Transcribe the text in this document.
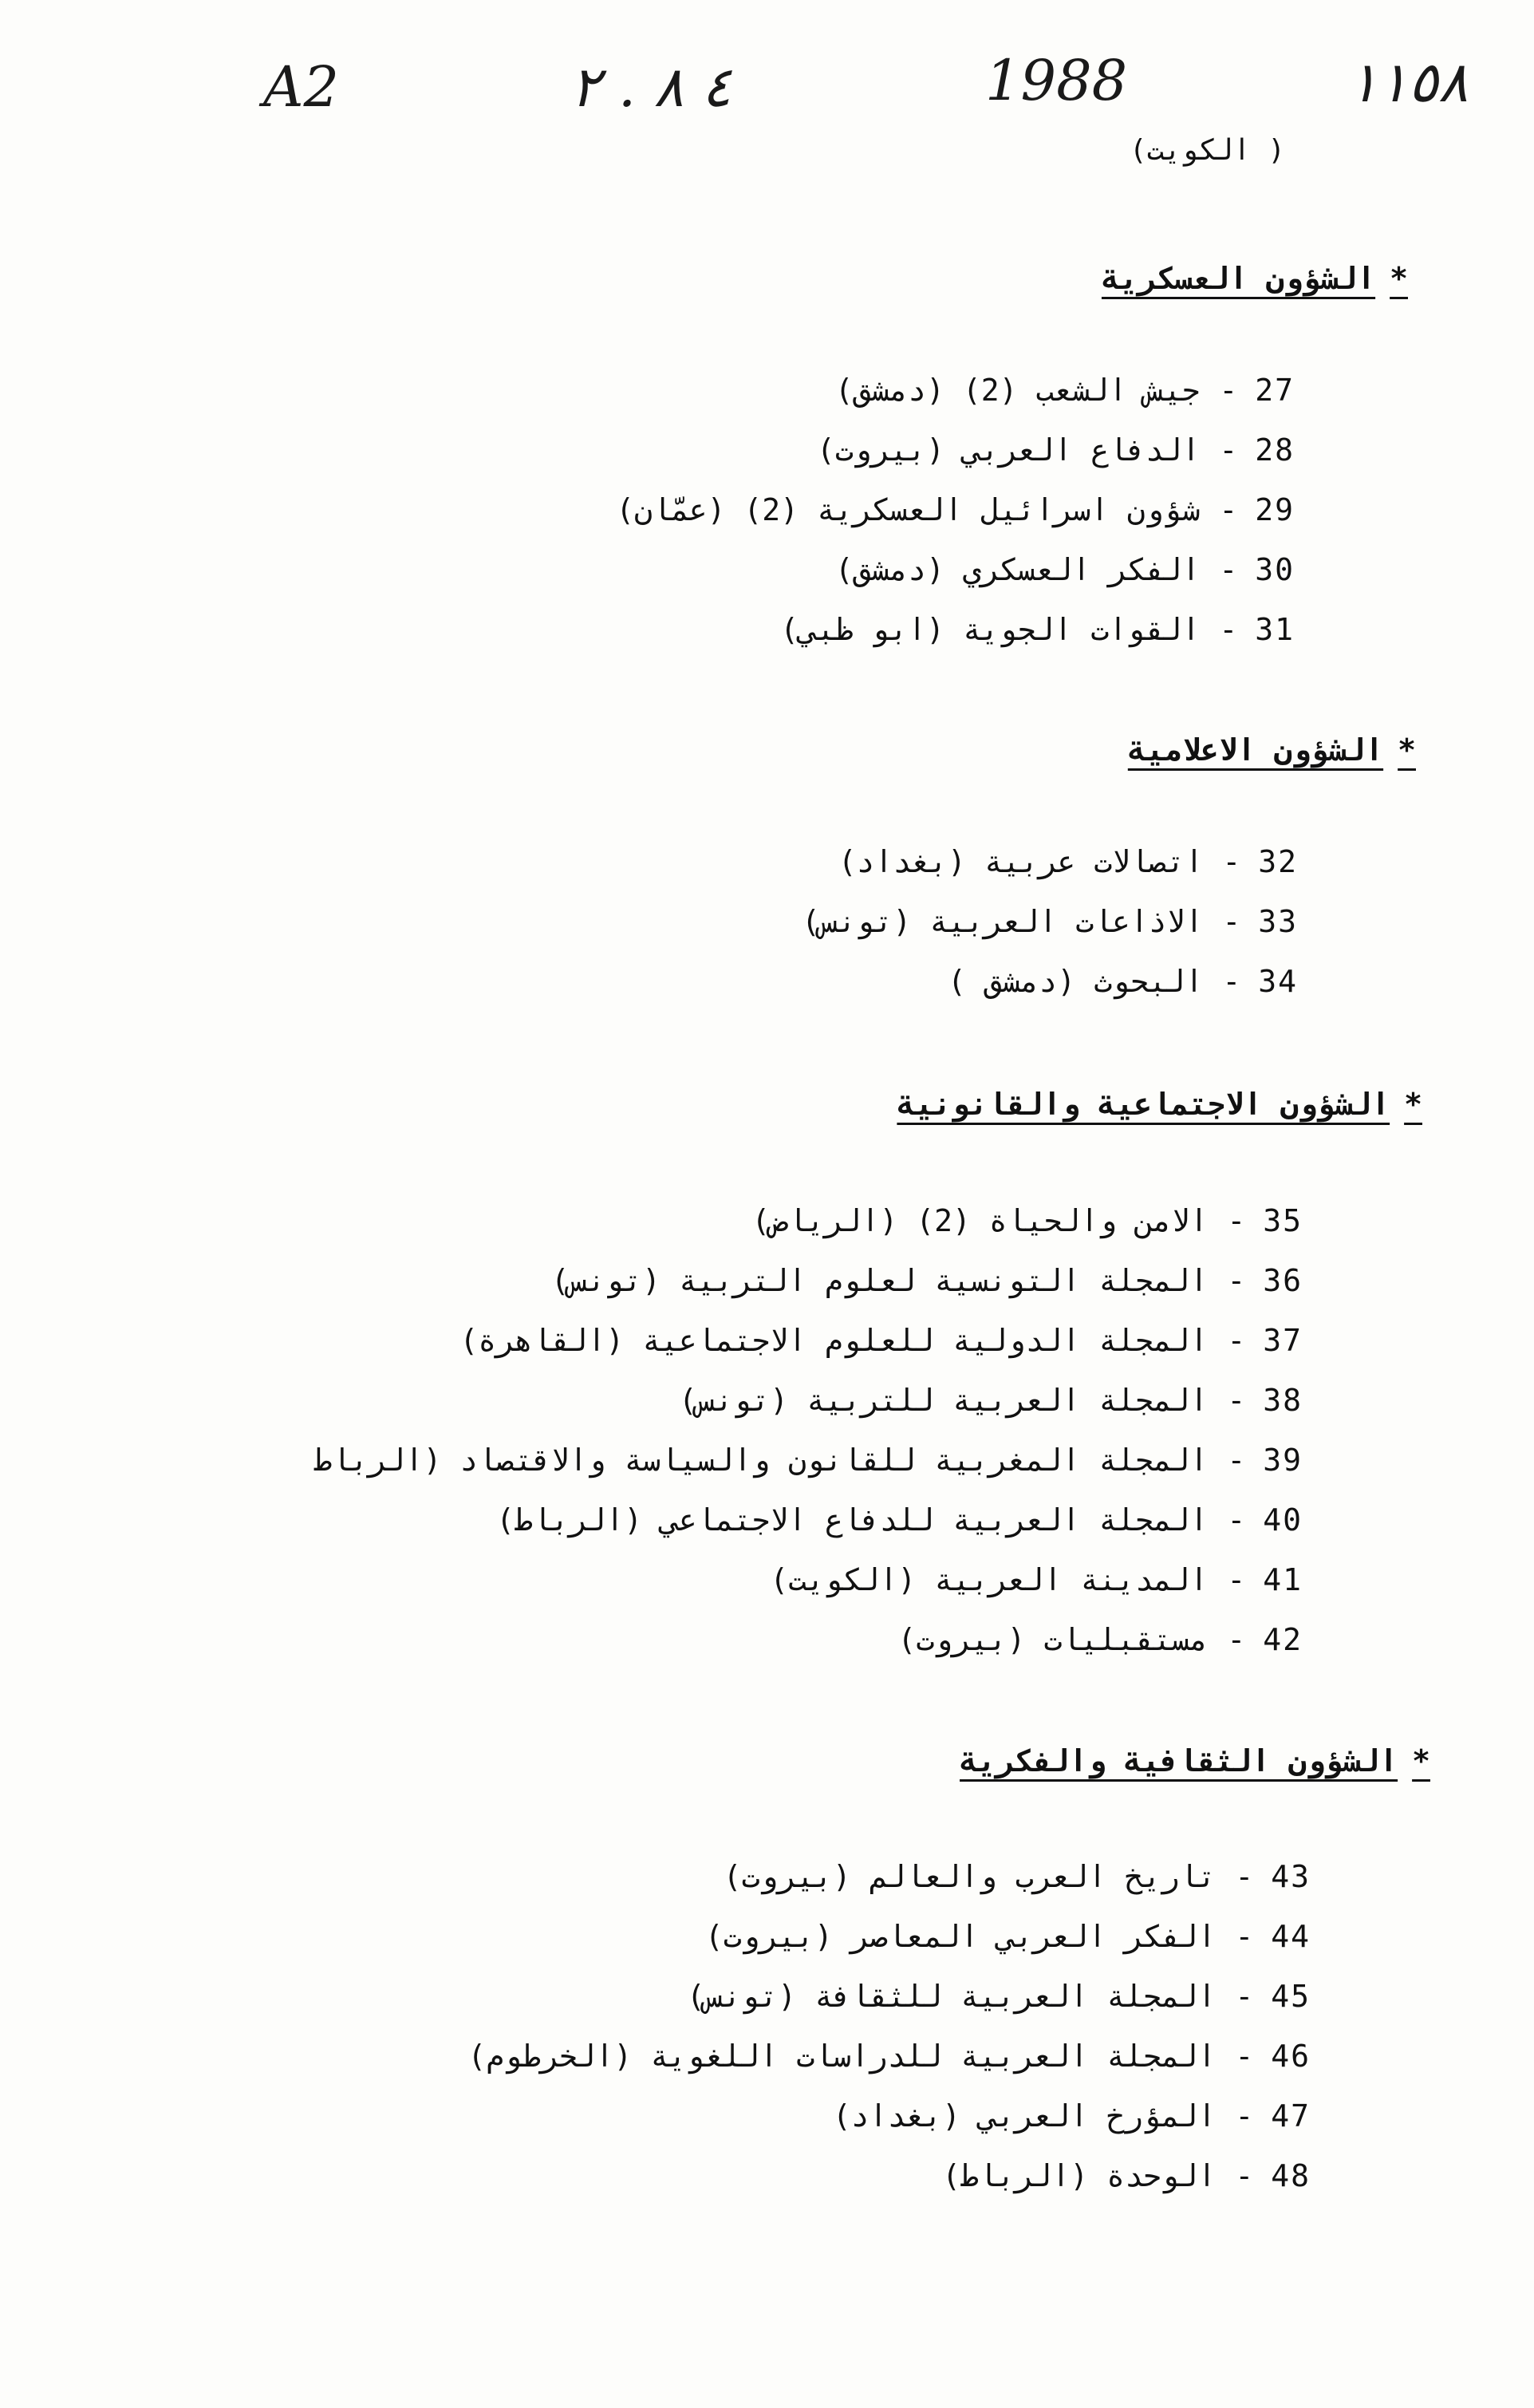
A2	٤ ٨ . ٢	1988	١١٥٨
( الكويت)
*الشؤون العسكرية
27-جيش الشعب (2) (دمشق)
28-الدفاع العربي (بيروت)
29-شؤون اسرائيل العسكرية (2) (عمّان)
30-الفكر العسكري (دمشق)
31-القوات الجوية (ابو ظبي)
*الشؤون الاعلامية
32-اتصالات عربية (بغداد)
33-الاذاعات العربية (تونس)
34-البحوث (دمشق )
*الشؤون الاجتماعية والقانونية
35-الامن والحياة (2) (الرياض)
36-المجلة التونسية لعلوم التربية (تونس)
37-المجلة الدولية للعلوم الاجتماعية (القاهرة)
38-المجلة العربية للتربية (تونس)
39-المجلة المغربية للقانون والسياسة والاقتصاد (الرباط
40-المجلة العربية للدفاع الاجتماعي (الرباط)
41-المدينة العربية (الكويت)
42-مستقبليات (بيروت)
*الشؤون الثقافية والفكرية
43-تاريخ العرب والعالم (بيروت)
44-الفكر العربي المعاصر (بيروت)
45-المجلة العربية للثقافة (تونس)
46-المجلة العربية للدراسات اللغوية (الخرطوم)
47-المؤرخ العربي (بغداد)
48-الوحدة (الرباط)
